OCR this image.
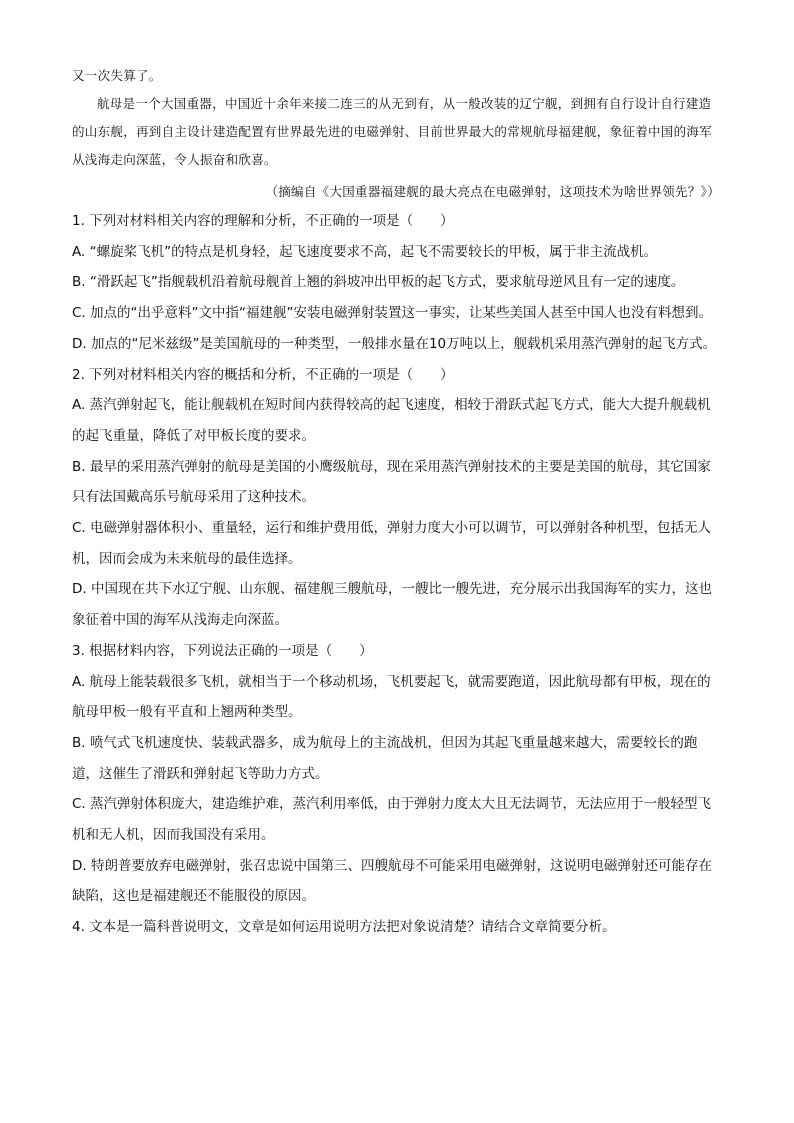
又一次失算了。

航母是一个大国重器，中国近十余年来接二连三的从无到有，从一般改装的辽宁舰，到拥有自行设计自行建造的山东舰，再到自主设计建造配置有世界最先进的电磁弹射、目前世界最大的常规航母福建舰，象征着中国的海军从浅海走向深蓝，令人振奋和欣喜。

（摘编自《大国重器福建舰的最大亮点在电磁弹射，这项技术为啥世界领先？》）

1. 下列对材料相关内容的理解和分析，不正确的一项是（　　）

A. “螺旋桨飞机”的特点是机身轻，起飞速度要求不高，起飞不需要较长的甲板，属于非主流战机。

B. “滑跃起飞”指舰载机沿着航母舰首上翘的斜坡冲出甲板的起飞方式，要求航母逆风且有一定的速度。

C. 加点的“出乎意料”文中指“福建舰”安装电磁弹射装置这一事实，让某些美国人甚至中国人也没有料想到。

D. 加点的“尼米兹级”是美国航母的一种类型，一般排水量在10万吨以上，舰载机采用蒸汽弹射的起飞方式。

2. 下列对材料相关内容的概括和分析，不正确的一项是（　　）

A. 蒸汽弹射起飞，能让舰载机在短时间内获得较高的起飞速度，相较于滑跃式起飞方式，能大大提升舰载机的起飞重量，降低了对甲板长度的要求。

B. 最早的采用蒸汽弹射的航母是美国的小鹰级航母，现在采用蒸汽弹射技术的主要是美国的航母，其它国家只有法国戴高乐号航母采用了这种技术。

C. 电磁弹射器体积小、重量轻，运行和维护费用低，弹射力度大小可以调节，可以弹射各种机型，包括无人机，因而会成为未来航母的最佳选择。

D. 中国现在共下水辽宁舰、山东舰、福建舰三艘航母，一艘比一艘先进，充分展示出我国海军的实力，这也象征着中国的海军从浅海走向深蓝。

3. 根据材料内容，下列说法正确的一项是（　　）

A. 航母上能装载很多飞机，就相当于一个移动机场，飞机要起飞，就需要跑道，因此航母都有甲板，现在的航母甲板一般有平直和上翘两种类型。

B. 喷气式飞机速度快、装载武器多，成为航母上的主流战机，但因为其起飞重量越来越大，需要较长的跑道，这催生了滑跃和弹射起飞等助力方式。

C. 蒸汽弹射体积庞大，建造维护难，蒸汽利用率低，由于弹射力度太大且无法调节，无法应用于一般轻型飞机和无人机，因而我国没有采用。

D. 特朗普要放弃电磁弹射，张召忠说中国第三、四艘航母不可能采用电磁弹射，这说明电磁弹射还可能存在缺陷，这也是福建舰还不能服役的原因。

4. 文本是一篇科普说明文，文章是如何运用说明方法把对象说清楚？请结合文章简要分析。
